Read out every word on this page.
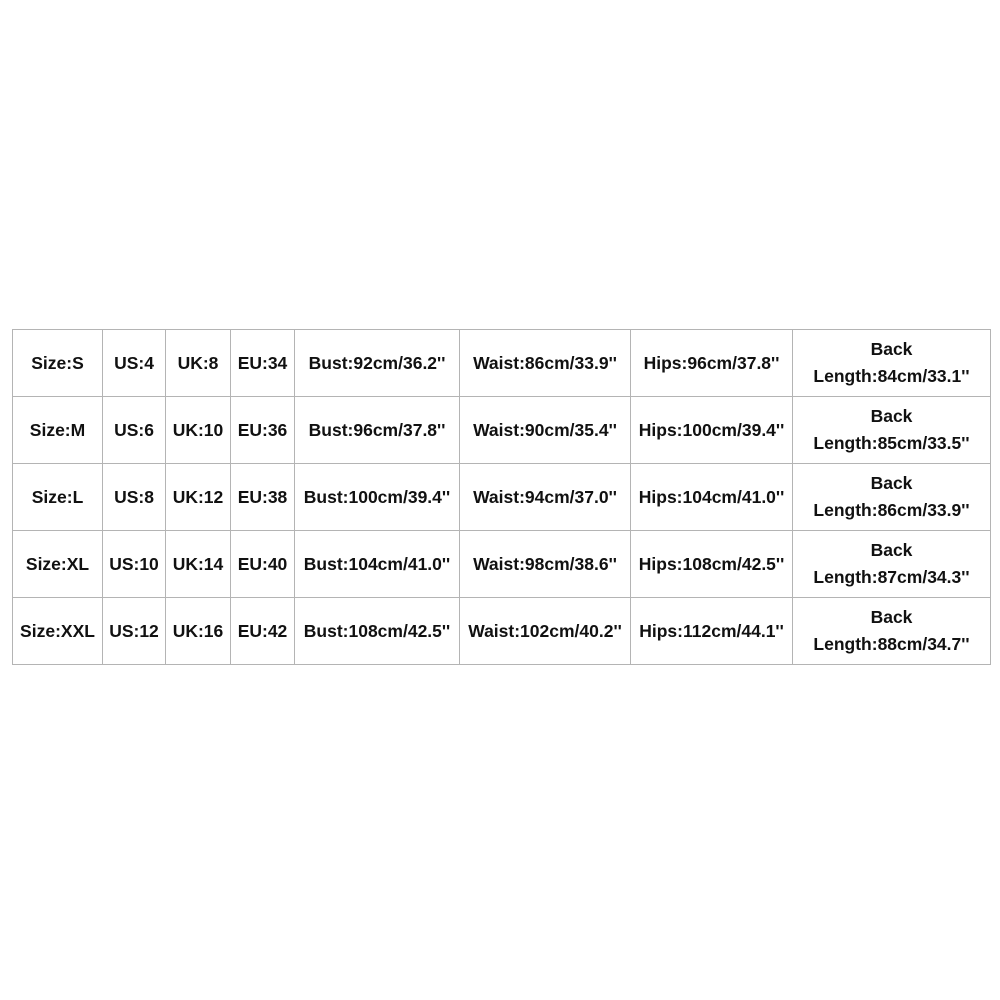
Size:S	US:4	UK:8	EU:34	Bust:92cm/36.2''	Waist:86cm/33.9''	Hips:96cm/37.8''	Back
Length:84cm/33.1''

Size:M	US:6	UK:10	EU:36	Bust:96cm/37.8''	Waist:90cm/35.4''	Hips:100cm/39.4''	Back
Length:85cm/33.5''

Size:L	US:8	UK:12	EU:38	Bust:100cm/39.4''	Waist:94cm/37.0''	Hips:104cm/41.0''	Back
Length:86cm/33.9''

Size:XL	US:10	UK:14	EU:40	Bust:104cm/41.0''	Waist:98cm/38.6''	Hips:108cm/42.5''	Back
Length:87cm/34.3''

Size:XXL	US:12	UK:16	EU:42	Bust:108cm/42.5''	Waist:102cm/40.2''	Hips:112cm/44.1''	Back
Length:88cm/34.7''
